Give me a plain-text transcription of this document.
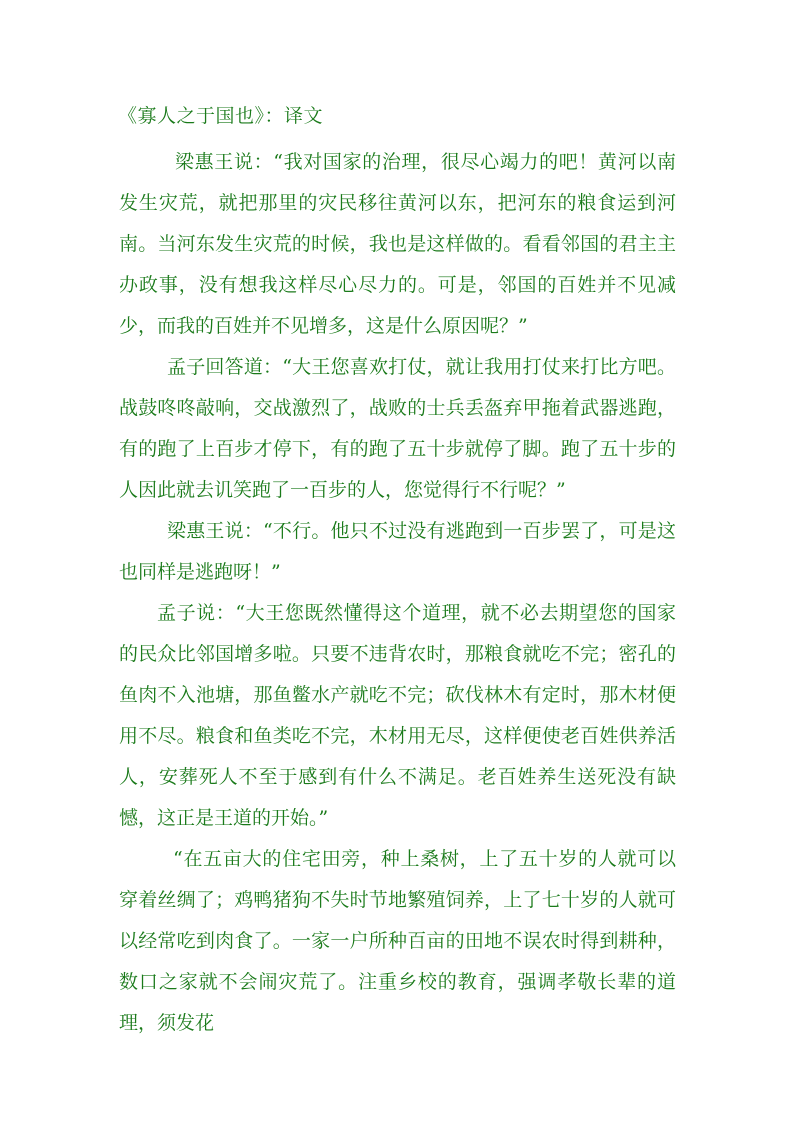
《寡人之于国也》：译文

梁惠王说：“我对国家的治理，很尽心竭力的吧！黄河以南发生灾荒，就把那里的灾民移往黄河以东，把河东的粮食运到河南。当河东发生灾荒的时候，我也是这样做的。看看邻国的君主主办政事，没有想我这样尽心尽力的。可是，邻国的百姓并不见减少，而我的百姓并不见增多，这是什么原因呢？”

孟子回答道：“大王您喜欢打仗，就让我用打仗来打比方吧。战鼓咚咚敲响，交战激烈了，战败的士兵丢盔弃甲拖着武器逃跑，有的跑了上百步才停下，有的跑了五十步就停了脚。跑了五十步的人因此就去讥笑跑了一百步的人，您觉得行不行呢？”

梁惠王说：“不行。他只不过没有逃跑到一百步罢了，可是这也同样是逃跑呀！”

孟子说：“大王您既然懂得这个道理，就不必去期望您的国家的民众比邻国增多啦。只要不违背农时，那粮食就吃不完；密孔的鱼肉不入池塘，那鱼鳖水产就吃不完；砍伐林木有定时，那木材便用不尽。粮食和鱼类吃不完，木材用无尽，这样便使老百姓供养活人，安葬死人不至于感到有什么不满足。老百姓养生送死没有缺憾，这正是王道的开始。”

“在五亩大的住宅田旁，种上桑树，上了五十岁的人就可以穿着丝绸了；鸡鸭猪狗不失时节地繁殖饲养，上了七十岁的人就可以经常吃到肉食了。一家一户所种百亩的田地不误农时得到耕种，数口之家就不会闹灾荒了。注重乡校的教育，强调孝敬长辈的道理，须发花
